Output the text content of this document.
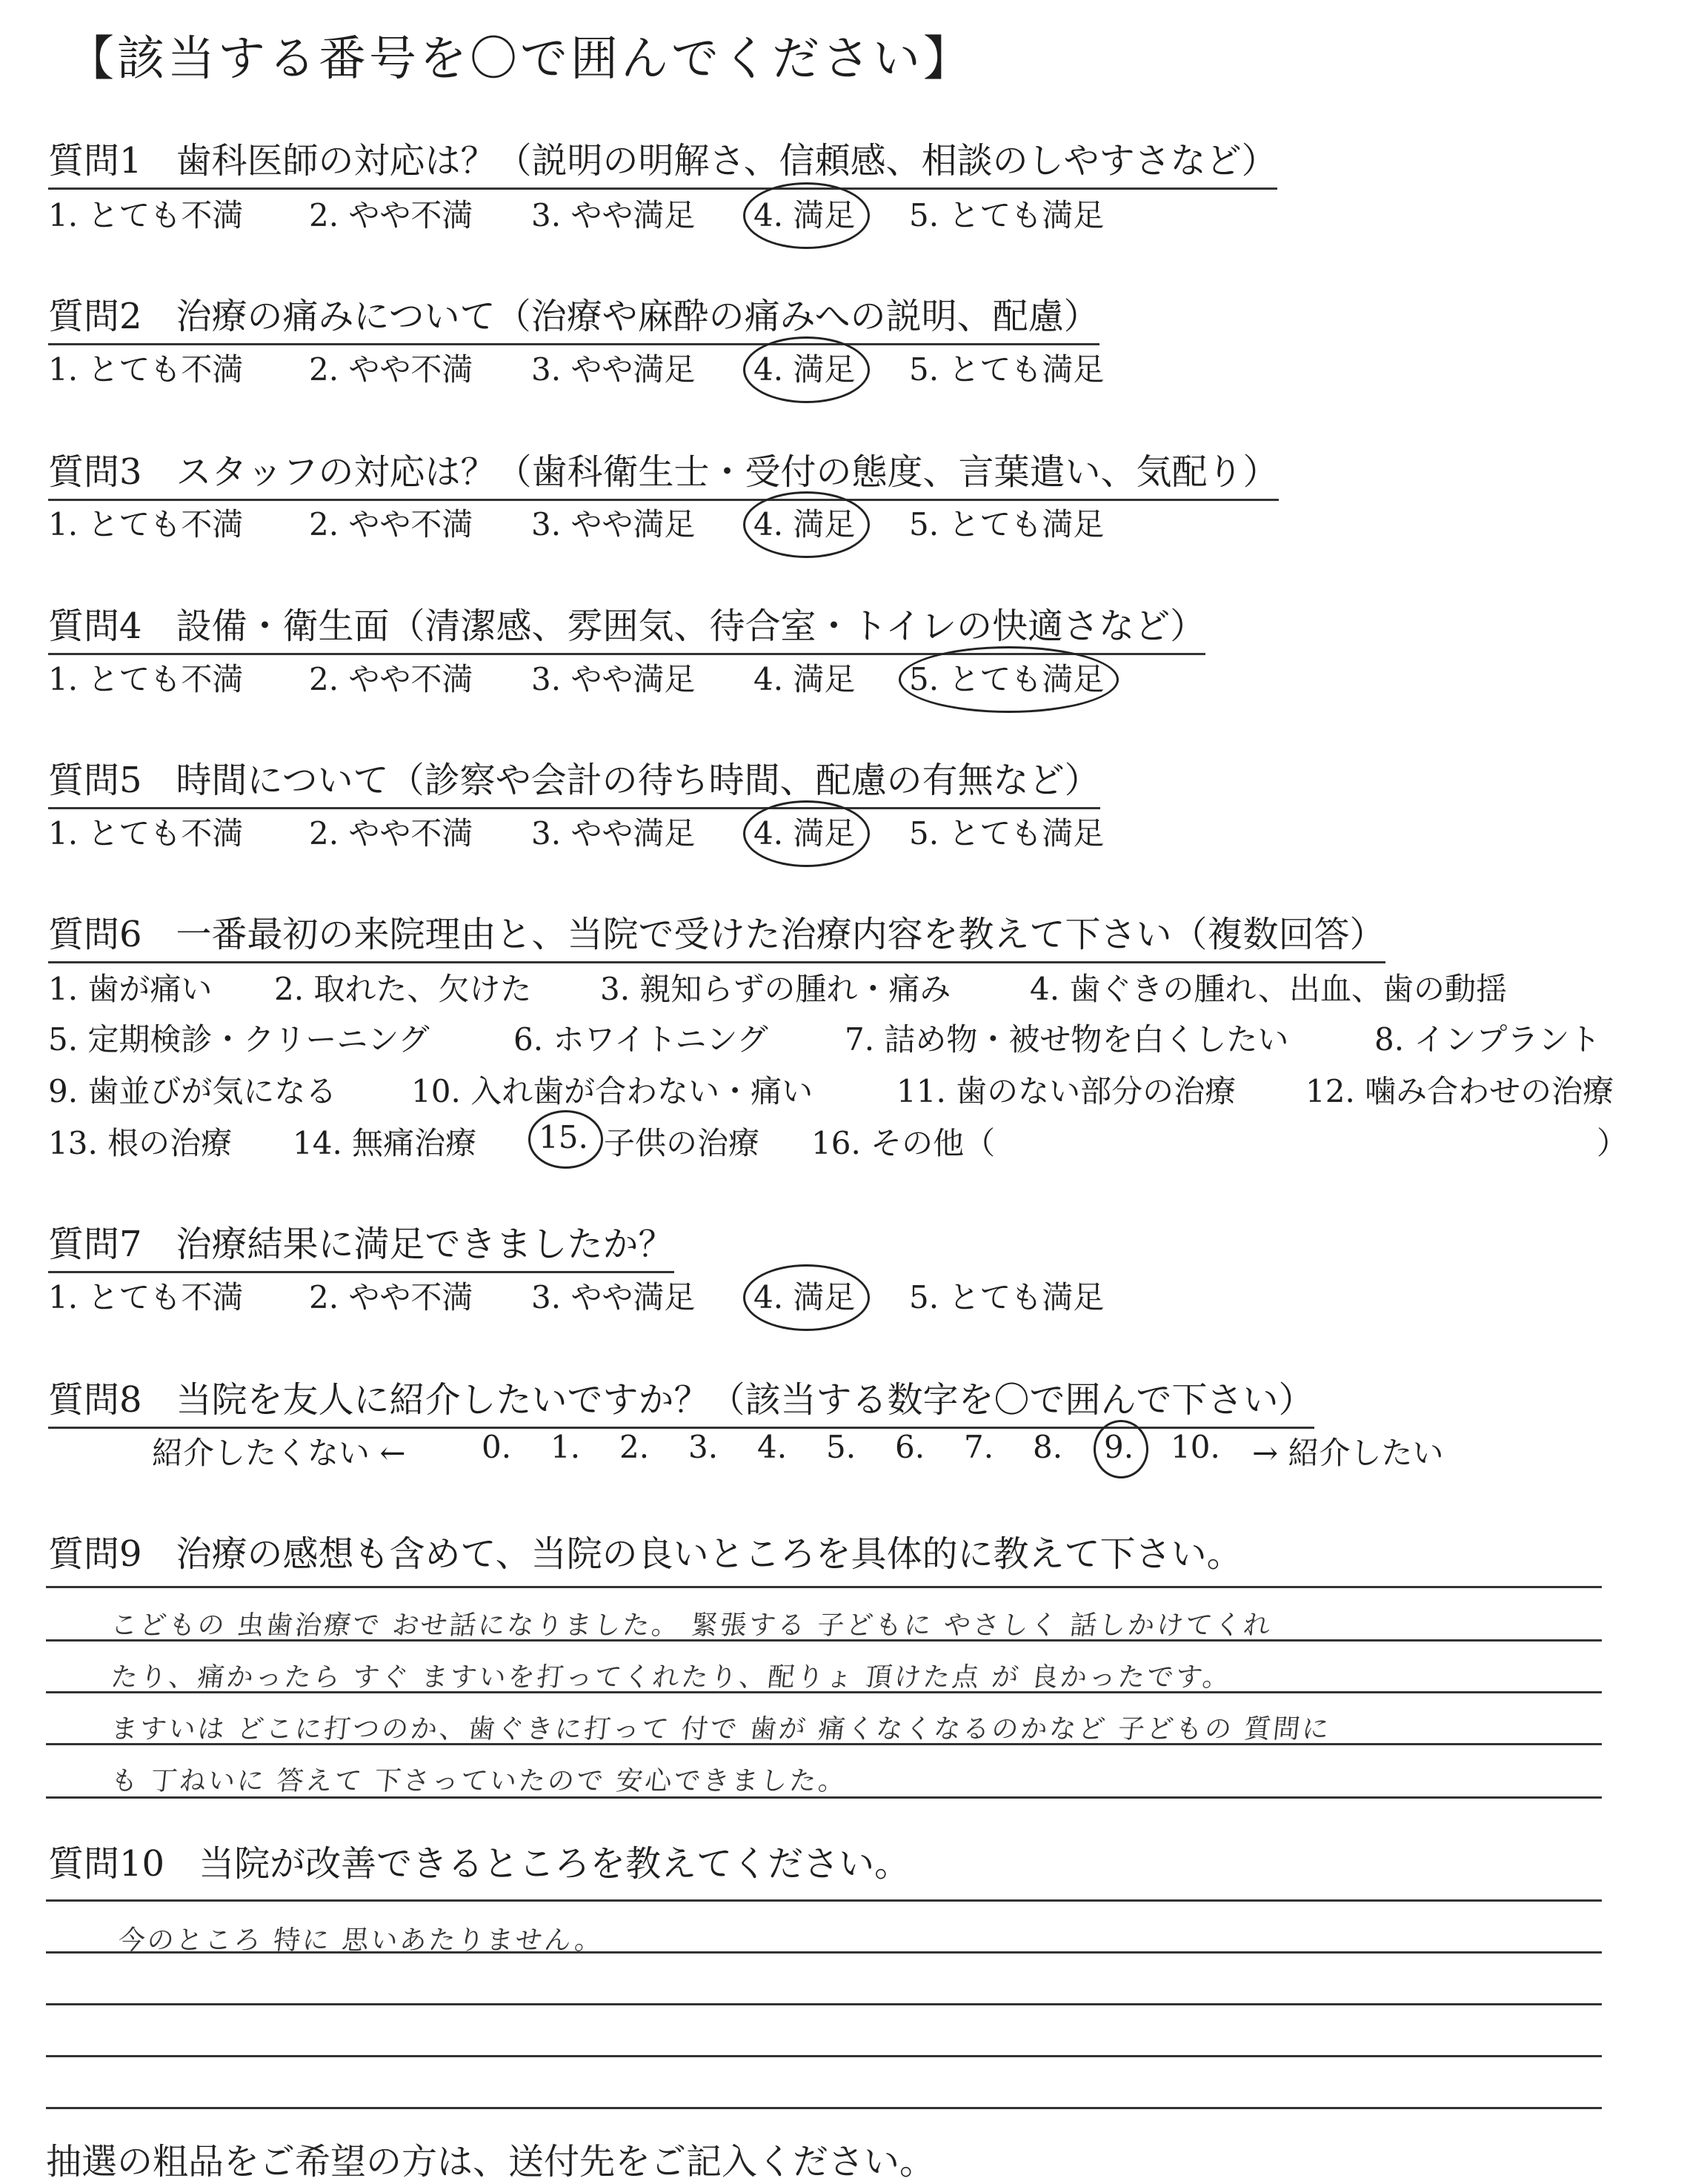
【該当する番号を〇で囲んでください】
質問1 歯科医師の対応は？（説明の明解さ、信頼感、相談のしやすさなど）
1. とても不満 2. やや不満 3. やや満足 4. 満足 5. とても満足
質問2 治療の痛みについて（治療や麻酔の痛みへの説明、配慮）
1. とても不満 2. やや不満 3. やや満足 4. 満足 5. とても満足
質問3 スタッフの対応は？（歯科衛生士・受付の態度、言葉遣い、気配り）
1. とても不満 2. やや不満 3. やや満足 4. 満足 5. とても満足
質問4 設備・衛生面（清潔感、雰囲気、待合室・トイレの快適さなど）
1. とても不満 2. やや不満 3. やや満足 4. 満足 5. とても満足
質問5 時間について（診察や会計の待ち時間、配慮の有無など）
1. とても不満 2. やや不満 3. やや満足 4. 満足 5. とても満足
質問6 一番最初の来院理由と、当院で受けた治療内容を教えて下さい（複数回答）
1. 歯が痛い 2. 取れた、欠けた 3. 親知らずの腫れ・痛み	4. 歯ぐきの腫れ、出血、歯の動揺
5. 定期検診・クリーニング	6. ホワイトニング 7. 詰め物・被せ物を白くしたい	8. インプラント
9. 歯並びが気になる 10. 入れ歯が合わない・痛い	11. 歯のない部分の治療 12. 噛み合わせの治療
13. 根の治療 14. 無痛治療 15. 子供の治療 16. その他（	）
質問7 治療結果に満足できましたか？
1. とても不満 2. やや不満 3. やや満足 4. 満足 5. とても満足
質問8 当院を友人に紹介したいですか？（該当する数字を〇で囲んで下さい）
紹介したくない ← 0. 1. 2. 3. 4. 5. 6. 7. 8. 9. 10. → 紹介したい
質問9 治療の感想も含めて、当院の良いところを具体的に教えて下さい。
こどもの 虫歯治療で おせ話になりました。 緊張する 子どもに やさしく 話しかけてくれ
たり、痛かったら すぐ ますいを打ってくれたり、配りょ 頂けた点 が 良かったです。
ますいは どこに打つのか、歯ぐきに打って 付で 歯が 痛くなくなるのかなど 子どもの 質問に
も 丁ねいに 答えて 下さっていたので 安心できました。
質問10 当院が改善できるところを教えてください。
今のところ 特に 思いあたりません。
抽選の粗品をご希望の方は、送付先をご記入ください。
